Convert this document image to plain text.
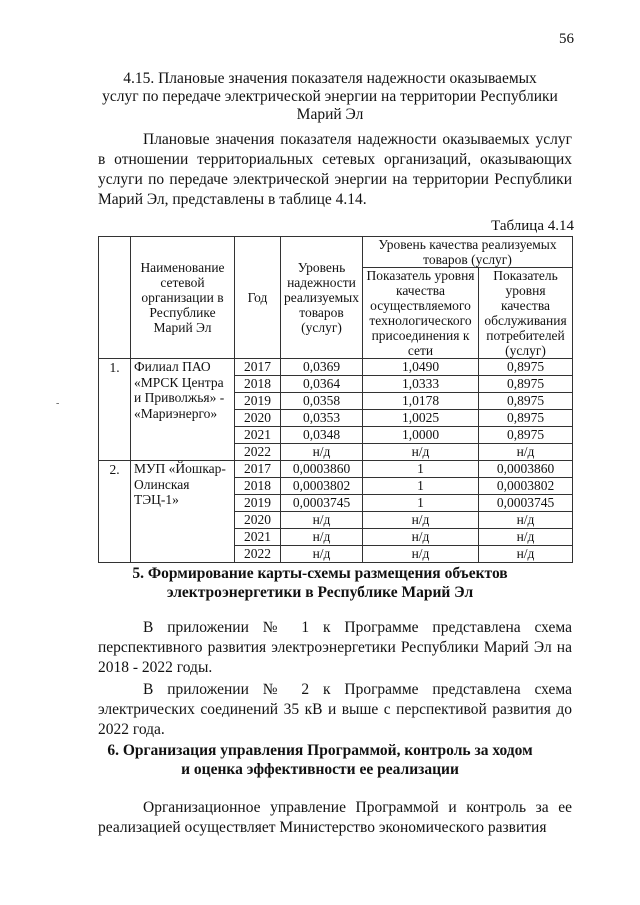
56
4.15. Плановые значения показателя надежности оказываемых
услуг по передаче электрической энергии на территории Республики
Марий Эл
Плановые значения показателя надежности оказываемых услуг в отношении территориальных сетевых организаций, оказывающих услуги по передаче электрической энергии на территории Республики Марий Эл, представлены в таблице 4.14.
Таблица 4.14
	Наименование сетевой организации в Республике Марий Эл	Год	Уровень надежности реализуемых товаров (услуг)	Уровень качества реализуемых товаров (услуг)	
				Показатель уровня качества осуществляемого технологического присоединения к сети	Показатель уровня качества обслуживания потребителей (услуг)
1.	Филиал ПАО
«МРСК Центра
и Приволжья» -
«Мариэнерго»	2017	0,0369	1,0490	0,8975
		2018	0,0364	1,0333	0,8975
		2019	0,0358	1,0178	0,8975
		2020	0,0353	1,0025	0,8975
		2021	0,0348	1,0000	0,8975
		2022	н/д	н/д	н/д
2.	МУП «Йошкар-
Олинская
ТЭЦ-1»	2017	0,0003860	1	0,0003860
		2018	0,0003802	1	0,0003802
		2019	0,0003745	1	0,0003745
		2020	н/д	н/д	н/д
		2021	н/д	н/д	н/д
		2022	н/д	н/д	н/д
5. Формирование карты-схемы размещения объектов
электроэнергетики в Республике Марий Эл
В приложении № 1 к Программе представлена схема перспективного развития электроэнергетики Республики Марий Эл на 2018 - 2022 годы.
В приложении № 2 к Программе представлена схема электрических соединений 35 кВ и выше с перспективой развития до 2022 года.
6. Организация управления Программой, контроль за ходом
и оценка эффективности ее реализации
Организационное управление Программой и контроль за ее реализацией осуществляет Министерство экономического развития
-
